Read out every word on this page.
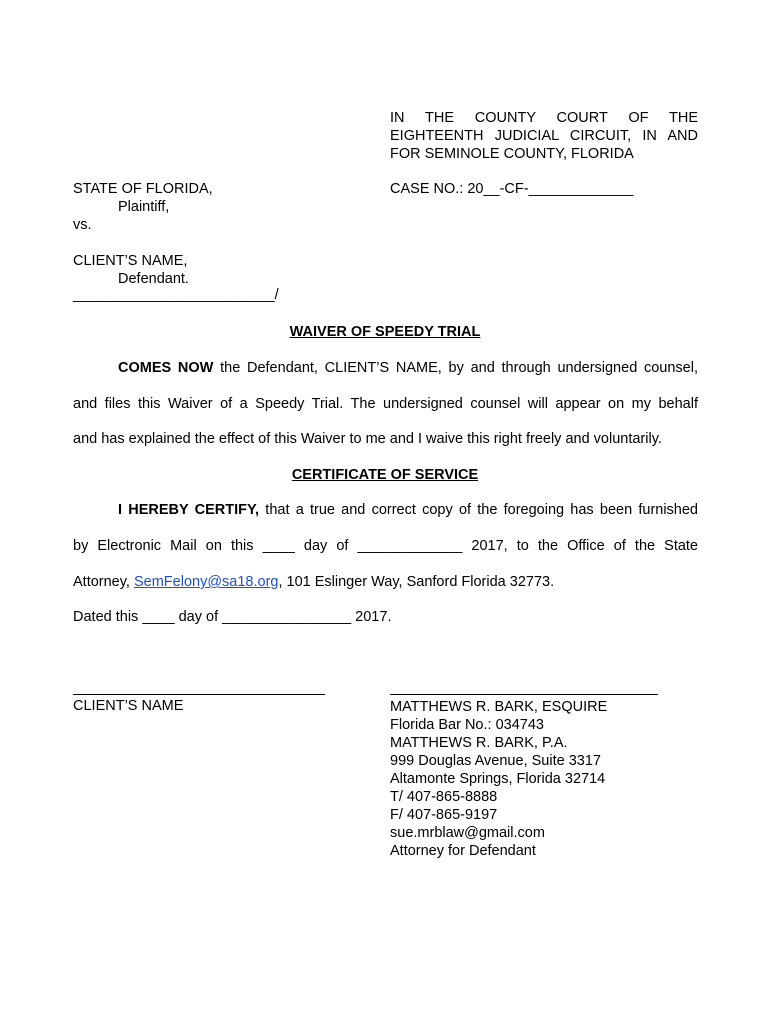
IN THE COUNTY COURT OF THE
EIGHTEENTH JUDICIAL CIRCUIT, IN AND
FOR SEMINOLE COUNTY, FLORIDA
STATE OF FLORIDA,
Plaintiff,
vs.
CLIENT’S NAME,
Defendant.
_________________________/
CASE NO.: 20__-CF-_____________
WAIVER OF SPEEDY TRIAL
COMES NOW the Defendant, CLIENT’S NAME, by and through undersigned counsel,
and files this Waiver of a Speedy Trial. The undersigned counsel will appear on my behalf
and has explained the effect of this Waiver to me and I waive this right freely and voluntarily.
CERTIFICATE OF SERVICE
I HEREBY CERTIFY, that a true and correct copy of the foregoing has been furnished
by Electronic Mail on this ____ day of _____________ 2017, to the Office of the State
Attorney, SemFelony@sa18.org, 101 Eslinger Way, Sanford Florida 32773.
Dated this ____ day of ________________ 2017.
CLIENT’S NAME	MATTHEWS R. BARK, ESQUIRE
Florida Bar No.: 034743
MATTHEWS R. BARK, P.A.
999 Douglas Avenue, Suite 3317
Altamonte Springs, Florida 32714
T/ 407-865-8888
F/ 407-865-9197
sue.mrblaw@gmail.com
Attorney for Defendant
